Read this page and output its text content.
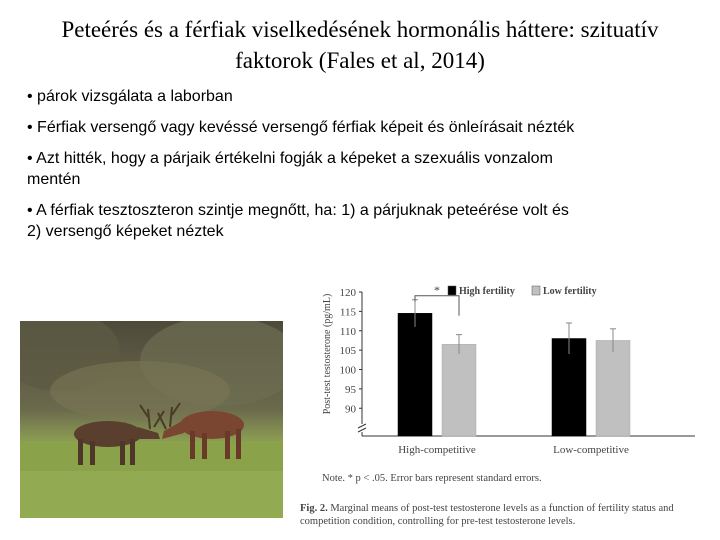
Peteérés és a férfiak viselkedésének hormonális háttere: szituatív faktorok (Fales et al, 2014)
• párok vizsgálata a laborban
• Férfiak versengő vagy kevéssé versengő férfiak képeit és önleírásait nézték
• Azt hitték, hogy a párjaik értékelni fogják a képeket a szexuális vonzalom mentén
• A férfiak tesztoszteron szintje megnőtt, ha: 1) a párjuknak peteérése volt és 2) versengő képeket néztek
120
115
110
105
100
95
90
Post-test testosterone (pg/mL)
High fertility	Low fertility
High-competitive	Low-competitive
*
Note. * p < .05. Error bars represent standard errors.
Fig. 2. Marginal means of post-test testosterone levels as a function of fertility status and competition condition, controlling for pre-test testosterone levels.
